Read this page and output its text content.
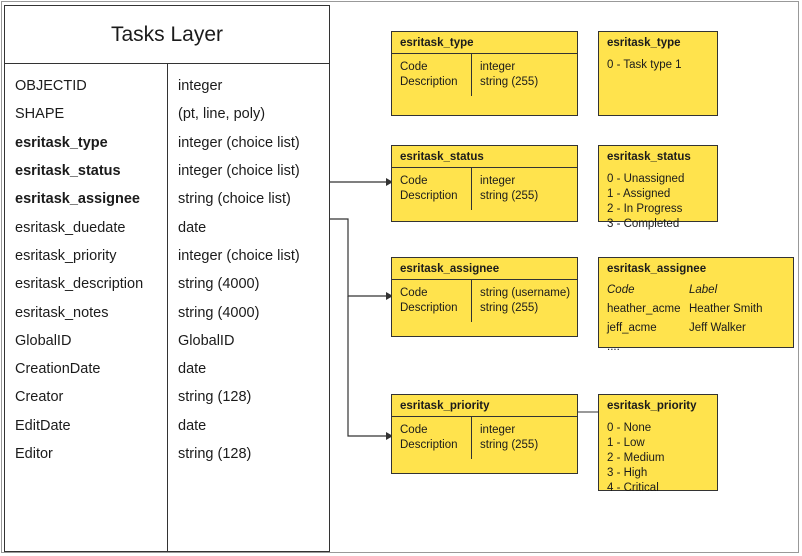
Tasks Layer
OBJECTID
SHAPE
esritask_type
esritask_status
esritask_assignee
esritask_duedate
esritask_priority
esritask_description
esritask_notes
GlobalID
CreationDate
Creator
EditDate
Editor
integer
(pt, line, poly)
integer (choice list)
integer (choice list)
string (choice list)
date
integer (choice list)
string (4000)
string (4000)
GlobalID
date
string (128)
date
string (128)
esritask_type
Code
Description
integer
string (255)
esritask_type
0 - Task type 1
esritask_status
Code
Description
integer
string (255)
esritask_status
0 - Unassigned
1 - Assigned
2 - In Progress
3 - Completed
esritask_assignee
Code
Description
string (username)
string (255)
esritask_assignee
Code	Label
heather_acme Heather Smith
jeff_acme	Jeff Walker
....
esritask_priority
Code
Description
integer
string (255)
esritask_priority
0 - None
1 - Low
2 - Medium
3 - High
4 - Critical
